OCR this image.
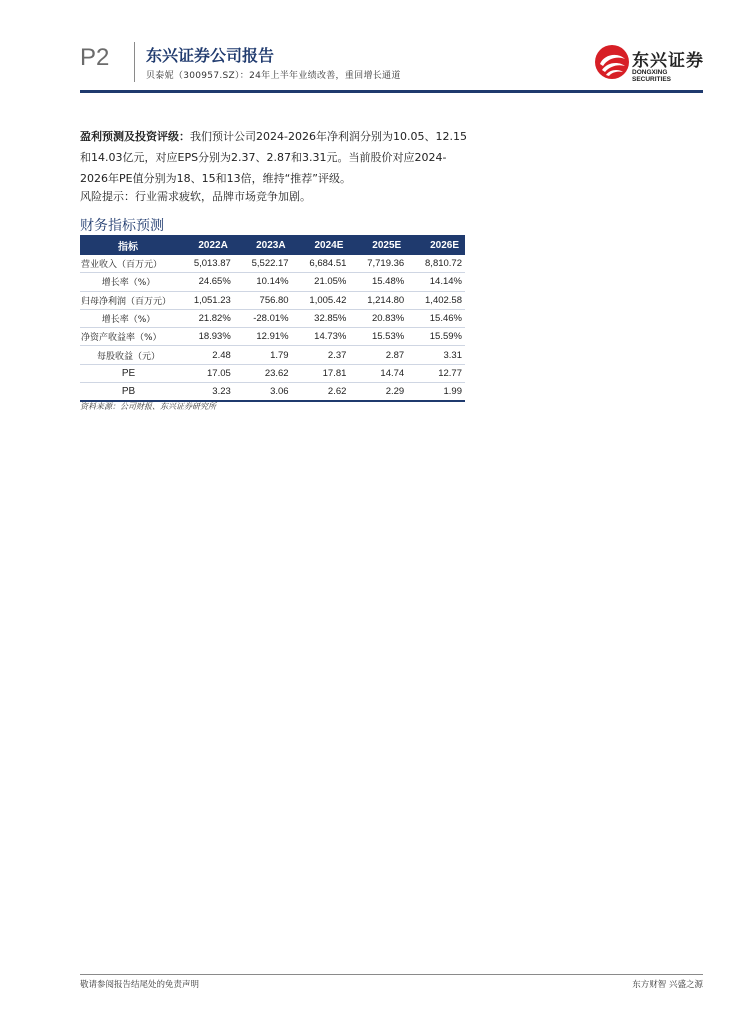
P2 东兴证券公司报告
贝泰妮（300957.SZ）：24年上半年业绩改善，重回增长通道
东兴证券
DONGXING SECURITIES
盈利预测及投资评级：我们预计公司2024-2026年净利润分别为10.05、12.15和14.03亿元，对应EPS分别为2.37、2.87和3.31元。当前股价对应2024-2026年PE值分别为18、15和13倍，维持“推荐”评级。
风险提示：行业需求疲软，品牌市场竞争加剧。
财务指标预测
指标	2022A	2023A	2024E	2025E	2026E
营业收入（百万元）	5,013.87	5,522.17	6,684.51	7,719.36	8,810.72
增长率（%）	24.65%	10.14%	21.05%	15.48%	14.14%
归母净利润（百万元）	1,051.23	756.80	1,005.42	1,214.80	1,402.58
增长率（%）	21.82%	-28.01%	32.85%	20.83%	15.46%
净资产收益率（%）	18.93%	12.91%	14.73%	15.53%	15.59%
每股收益（元）	2.48	1.79	2.37	2.87	3.31
PE	17.05	23.62	17.81	14.74	12.77
PB	3.23	3.06	2.62	2.29	1.99
资料来源：公司财报、东兴证券研究所
敬请参阅报告结尾处的免责声明	东方财智 兴盛之源
